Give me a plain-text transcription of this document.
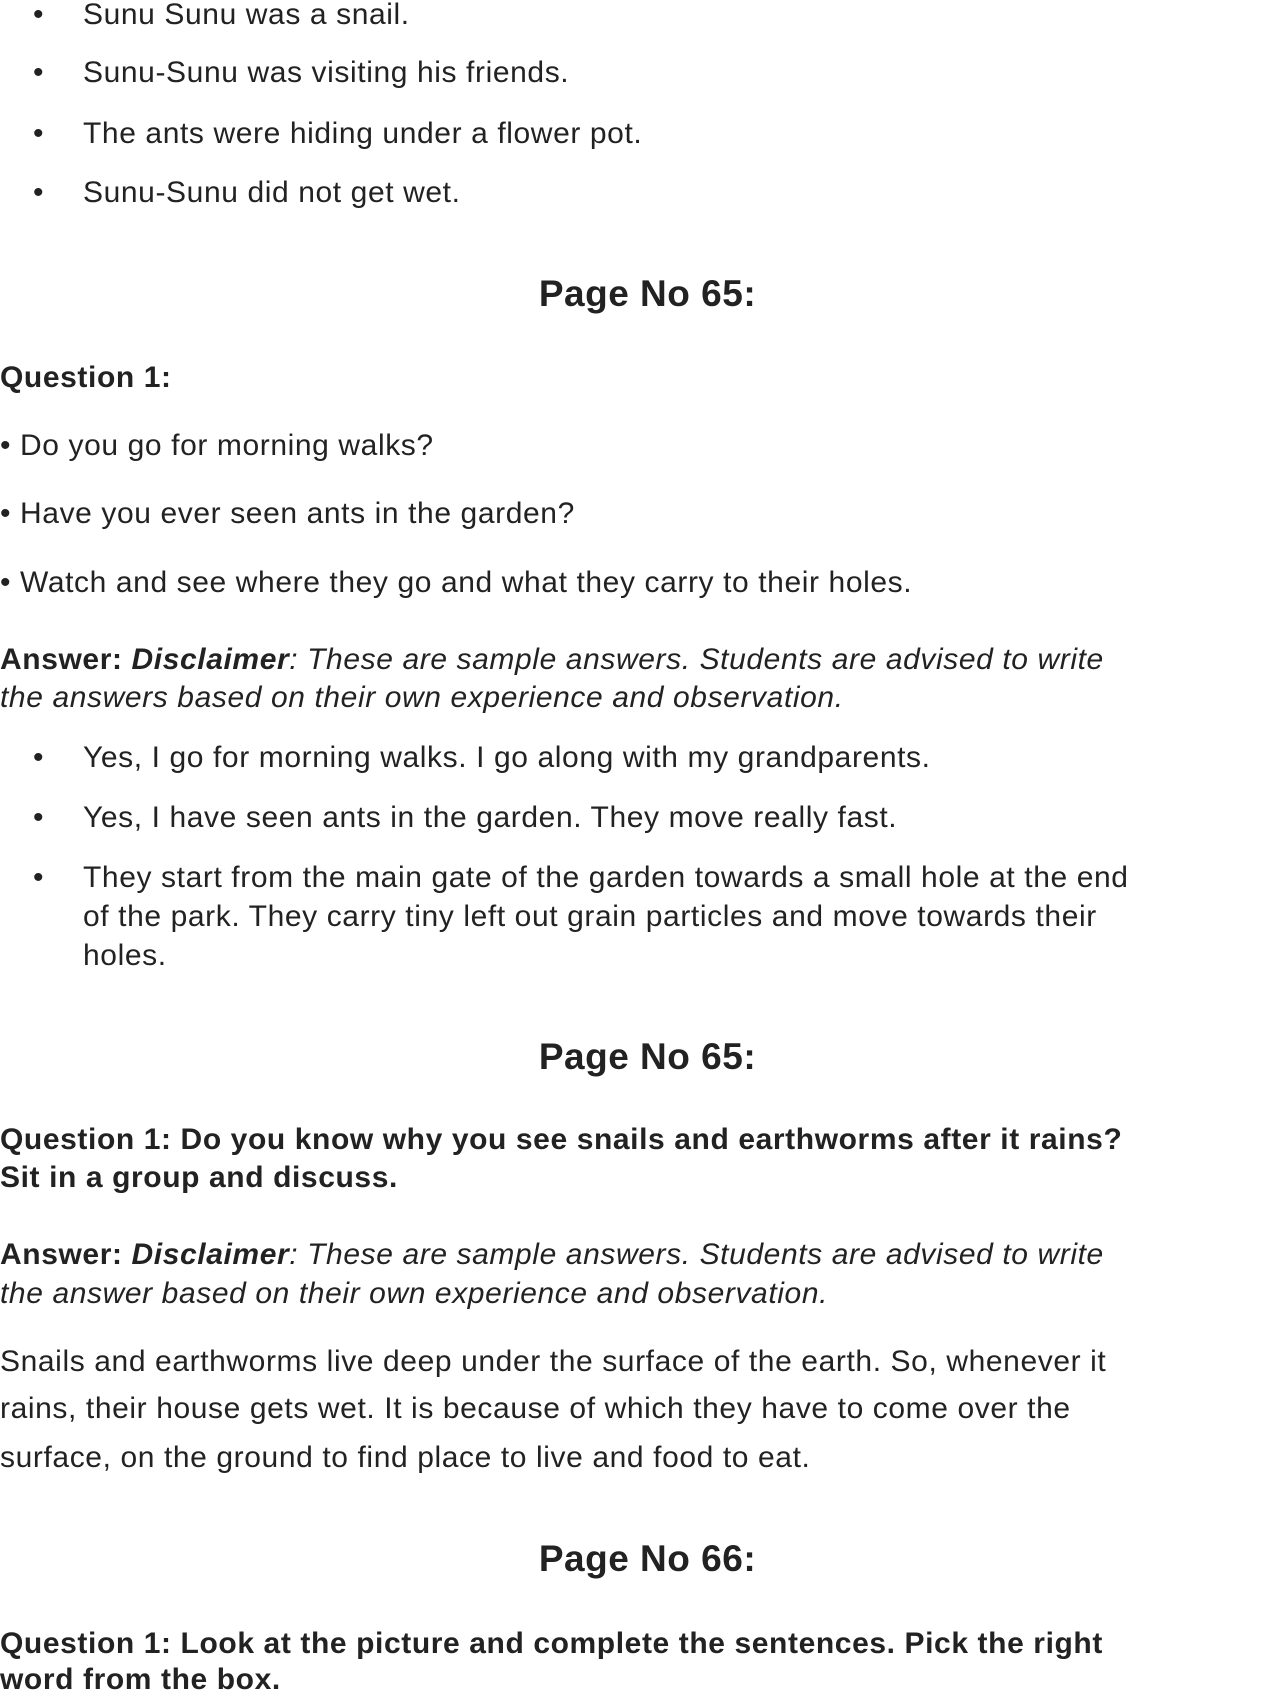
• Sunu Sunu was a snail.
• Sunu-Sunu was visiting his friends.
• The ants were hiding under a flower pot.
• Sunu-Sunu did not get wet.
Page No 65:
Question 1:
• Do you go for morning walks?
• Have you ever seen ants in the garden?
• Watch and see where they go and what they carry to their holes.
Answer: Disclaimer: These are sample answers. Students are advised to write
the answers based on their own experience and observation.
• Yes, I go for morning walks. I go along with my grandparents.
• Yes, I have seen ants in the garden. They move really fast.
• They start from the main gate of the garden towards a small hole at the end
of the park. They carry tiny left out grain particles and move towards their
holes.
Page No 65:
Question 1: Do you know why you see snails and earthworms after it rains?
Sit in a group and discuss.
Answer: Disclaimer: These are sample answers. Students are advised to write
the answer based on their own experience and observation.
Snails and earthworms live deep under the surface of the earth. So, whenever it
rains, their house gets wet. It is because of which they have to come over the
surface, on the ground to find place to live and food to eat.
Page No 66:
Question 1: Look at the picture and complete the sentences. Pick the right
word from the box.
